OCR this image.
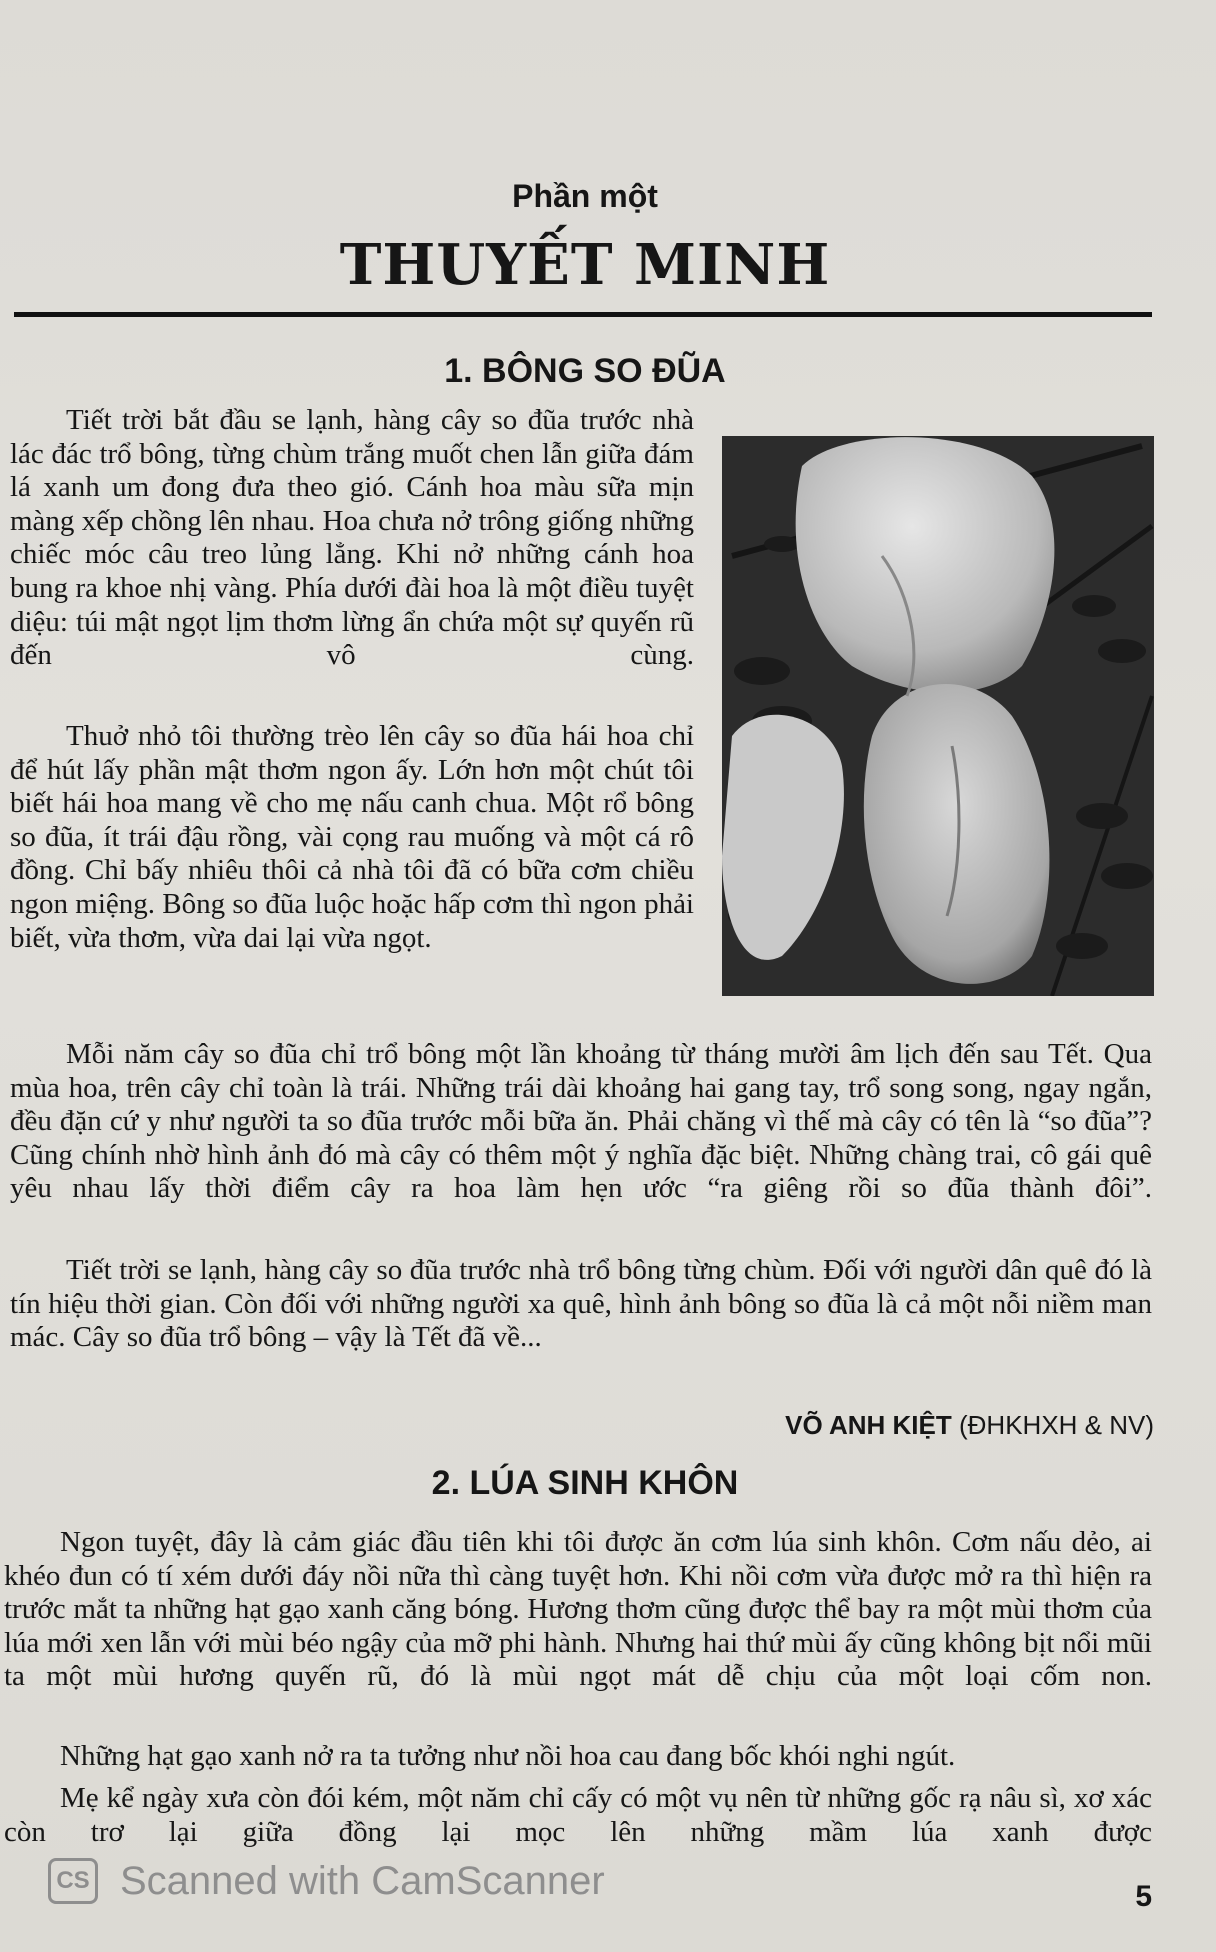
Phần một
THUYẾT MINH
1. BÔNG SO ĐŨA

Tiết trời bắt đầu se lạnh, hàng cây so đũa trước nhà lác đác trổ bông, từng chùm trắng muốt chen lẫn giữa đám lá xanh um đong đưa theo gió. Cánh hoa màu sữa mịn màng xếp chồng lên nhau. Hoa chưa nở trông giống những chiếc móc câu treo lủng lẳng. Khi nở những cánh hoa bung ra khoe nhị vàng. Phía dưới đài hoa là một điều tuyệt diệu: túi mật ngọt lịm thơm lừng ẩn chứa một sự quyến rũ đến vô cùng.

Thuở nhỏ tôi thường trèo lên cây so đũa hái hoa chỉ để hút lấy phần mật thơm ngon ấy. Lớn hơn một chút tôi biết hái hoa mang về cho mẹ nấu canh chua. Một rổ bông so đũa, ít trái đậu rồng, vài cọng rau muống và một cá rô đồng. Chỉ bấy nhiêu thôi cả nhà tôi đã có bữa cơm chiều ngon miệng. Bông so đũa luộc hoặc hấp cơm thì ngon phải biết, vừa thơm, vừa dai lại vừa ngọt.

Mỗi năm cây so đũa chỉ trổ bông một lần khoảng từ tháng mười âm lịch đến sau Tết. Qua mùa hoa, trên cây chỉ toàn là trái. Những trái dài khoảng hai gang tay, trổ song song, ngay ngắn, đều đặn cứ y như người ta so đũa trước mỗi bữa ăn. Phải chăng vì thế mà cây có tên là “so đũa”? Cũng chính nhờ hình ảnh đó mà cây có thêm một ý nghĩa đặc biệt. Những chàng trai, cô gái quê yêu nhau lấy thời điểm cây ra hoa làm hẹn ước “ra giêng rồi so đũa thành đôi”.

Tiết trời se lạnh, hàng cây so đũa trước nhà trổ bông từng chùm. Đối với người dân quê đó là tín hiệu thời gian. Còn đối với những người xa quê, hình ảnh bông so đũa là cả một nỗi niềm man mác. Cây so đũa trổ bông – vậy là Tết đã về...

VÕ ANH KIỆT (ĐHKHXH & NV)
2. LÚA SINH KHÔN

Ngon tuyệt, đây là cảm giác đầu tiên khi tôi được ăn cơm lúa sinh khôn. Cơm nấu dẻo, ai khéo đun có tí xém dưới đáy nồi nữa thì càng tuyệt hơn. Khi nồi cơm vừa được mở ra thì hiện ra trước mắt ta những hạt gạo xanh căng bóng. Hương thơm cũng được thể bay ra một mùi thơm của lúa mới xen lẫn với mùi béo ngậy của mỡ phi hành. Nhưng hai thứ mùi ấy cũng không bịt nổi mũi ta một mùi hương quyến rũ, đó là mùi ngọt mát dễ chịu của một loại cốm non.

Những hạt gạo xanh nở ra ta tưởng như nồi hoa cau đang bốc khói nghi ngút.

Mẹ kể ngày xưa còn đói kém, một năm chỉ cấy có một vụ nên từ những gốc rạ nâu sì, xơ xác còn trơ lại giữa đồng lại mọc lên những mầm lúa xanh được

CS Scanned with CamScanner	5
